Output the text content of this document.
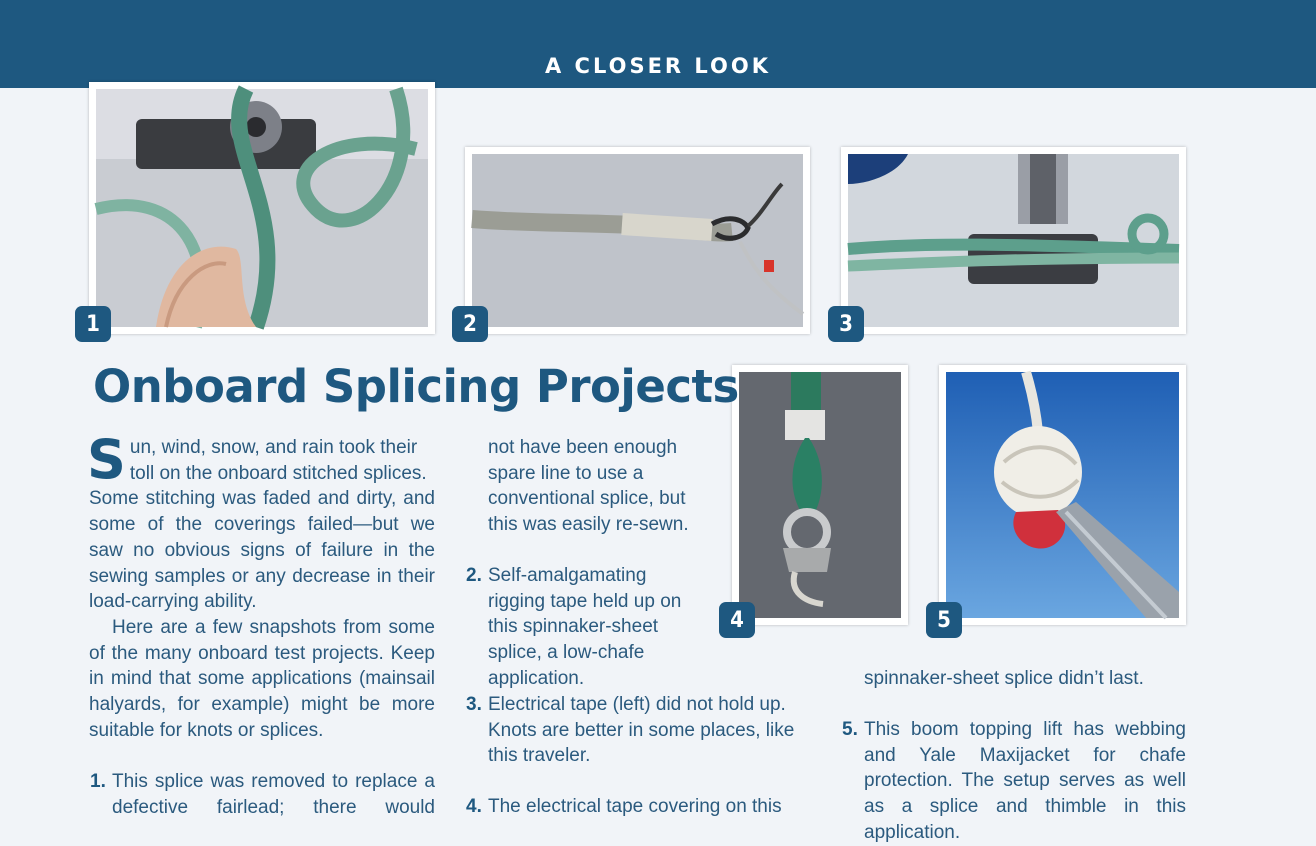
A CLOSER LOOK
1	2	3
4	5
Onboard Splicing Projects
S un, wind, snow, and rain took their
toll on the onboard stitched splices.
Some stitching was faded and dirty, and some of the coverings failed—but we saw no obvious signs of failure in the sewing samples or any decrease in their load-carrying ability.
Here are a few snapshots from some of the many onboard test projects. Keep in mind that some applications (mainsail halyards, for example) might be more suitable for knots or splices.
1. This splice was removed to replace a defective fairlead; there would
not have been enough spare line to use a conventional splice, but this was easily re-sewn.
2. Self-amalgamating rigging tape held up on this spinnaker-sheet splice, a low-chafe application.
3. Electrical tape (left) did not hold up. Knots are better in some places, like this traveler.
4. The electrical tape covering on this
spinnaker-sheet splice didn’t last.
5. This boom topping lift has webbing and Yale Maxijacket for chafe protection. The setup serves as well as a splice and thimble in this application.
